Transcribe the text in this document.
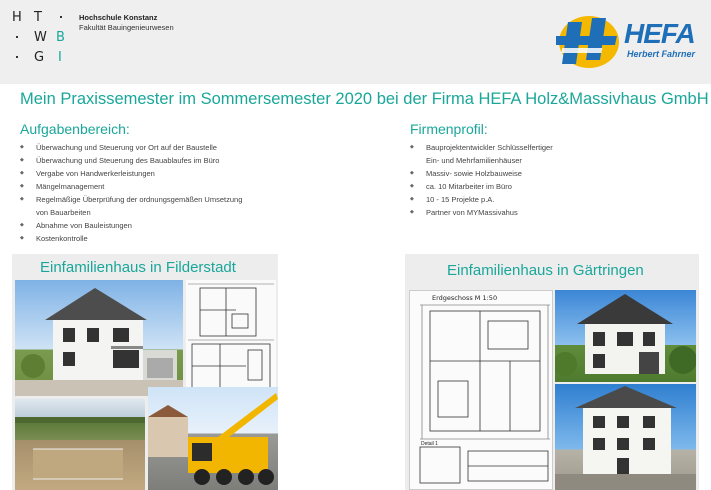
H T
W B
G I
Hochschule Konstanz
Fakultät Bauingenieurwesen	HEFA
Herbert Fahrner
Mein Praxissemester im Sommersemester 2020 bei der Firma HEFA Holz&Massivhaus GmbH
Aufgabenbereich:
◆ Überwachung und Steuerung vor Ort auf der Baustelle
◆ Überwachung und Steuerung des Bauablaufes im Büro
◆ Vergabe von Handwerkerleistungen
◆ Mängelmanagement
◆ Regelmäßige Überprüfung der ordnungsgemäßen Umsetzung
von Bauarbeiten
◆ Abnahme von Bauleistungen
◆ Kostenkontrolle
Firmenprofil:
◆ Bauprojektentwickler Schlüsselfertiger
Ein- und Mehrfamilienhäuser
◆ Massiv- sowie Holzbauweise
◆ ca. 10 Mitarbeiter im Büro
◆ 10 - 15 Projekte p.A.
◆ Partner von MYMassivahus
Einfamilienhaus in Filderstadt	Einfamilienhaus in Gärtringen
Erdgeschoss M 1:50
Detail 1
